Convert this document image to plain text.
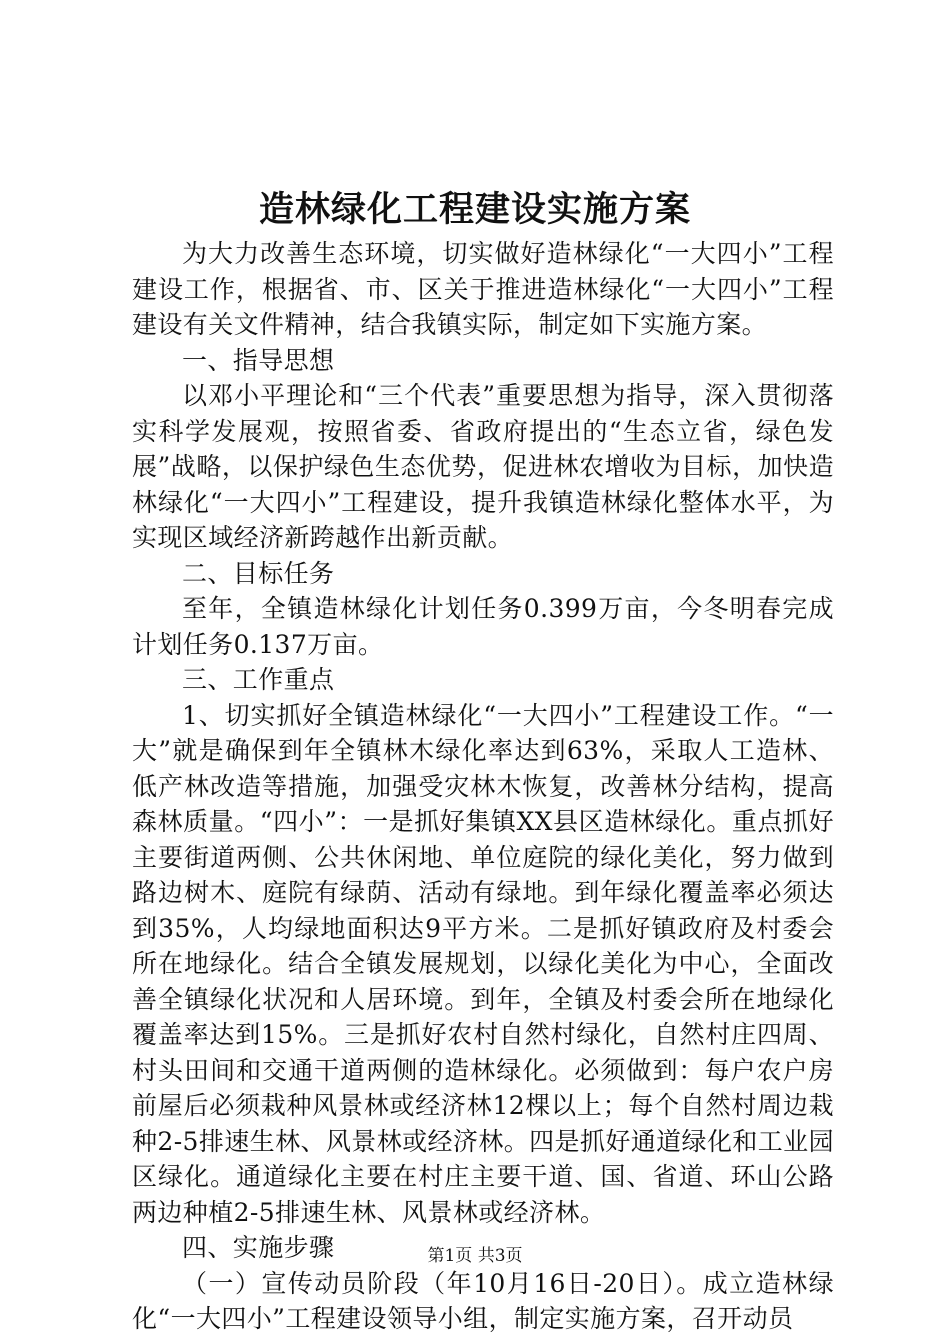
造林绿化工程建设实施方案

为大力改善生态环境，切实做好造林绿化“一大四小”工程建设工作，根据省、市、区关于推进造林绿化“一大四小”工程建设有关文件精神，结合我镇实际，制定如下实施方案。

一、指导思想

以邓小平理论和“三个代表”重要思想为指导，深入贯彻落实科学发展观，按照省委、省政府提出的“生态立省，绿色发展”战略，以保护绿色生态优势，促进林农增收为目标，加快造林绿化“一大四小”工程建设，提升我镇造林绿化整体水平，为实现区域经济新跨越作出新贡献。

二、目标任务

至年，全镇造林绿化计划任务0.399万亩，今冬明春完成计划任务0.137万亩。

三、工作重点

1、切实抓好全镇造林绿化“一大四小”工程建设工作。“一大”就是确保到年全镇林木绿化率达到63%，采取人工造林、低产林改造等措施，加强受灾林木恢复，改善林分结构，提高森林质量。“四小”：一是抓好集镇XX县区造林绿化。重点抓好主要街道两侧、公共休闲地、单位庭院的绿化美化，努力做到路边树木、庭院有绿荫、活动有绿地。到年绿化覆盖率必须达到35%，人均绿地面积达9平方米。二是抓好镇政府及村委会所在地绿化。结合全镇发展规划，以绿化美化为中心，全面改善全镇绿化状况和人居环境。到年，全镇及村委会所在地绿化覆盖率达到15%。三是抓好农村自然村绿化，自然村庄四周、村头田间和交通干道两侧的造林绿化。必须做到：每户农户房前屋后必须栽种风景林或经济林12棵以上；每个自然村周边栽种2-5排速生林、风景林或经济林。四是抓好通道绿化和工业园区绿化。通道绿化主要在村庄主要干道、国、省道、环山公路两边种植2-5排速生林、风景林或经济林。

四、实施步骤

（一）宣传动员阶段（年10月16日-20日）。成立造林绿化“一大四小”工程建设领导小组，制定实施方案，召开动员

第1页 共3页
